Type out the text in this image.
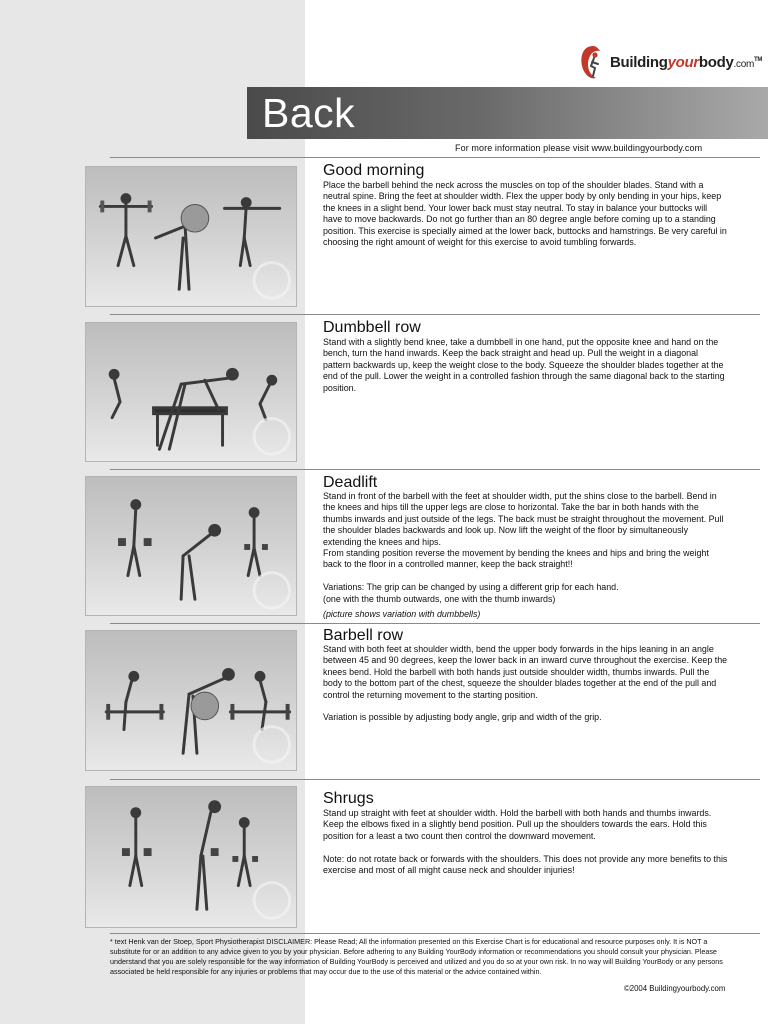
Buildingyourbody.com™
Back
For more information please visit www.buildingyourbody.com
Good morning
Place the barbell behind the neck across the muscles on top of the shoulder blades. Stand with a neutral spine. Bring the feet at shoulder width. Flex the upper body by only bending in your hips, keep the knees in a slight bend. Your lower back must stay neutral. To stay in balance your buttocks will have to move backwards. Do not go further than an 80 degree angle before coming up to a standing position. This exercise is specially aimed at the lower back, buttocks and hamstrings. Be very careful in choosing the right amount of weight for this exercise to avoid tumbling forwards.
Dumbbell row
Stand with a slightly bend knee, take a dumbbell in one hand, put the opposite knee and hand on the bench, turn the hand inwards. Keep the back straight and head up. Pull the weight in a diagonal pattern backwards up, keep the weight close to the body. Squeeze the shoulder blades together at the end of the pull. Lower the weight in a controlled fashion through the same diagonal back to the starting position.
Deadlift
Stand in front of the barbell with the feet at shoulder width, put the shins close to the barbell. Bend in the knees and hips till the upper legs are close to horizontal. Take the bar in both hands with the thumbs inwards and just outside of the legs. The back must be straight throughout the movement. Pull the shoulder blades backwards and look up. Now lift the weight of the floor by simultaneously extending the knees and hips.
From standing position reverse the movement by bending the knees and hips and bring the weight back to the floor in a controlled manner, keep the back straight!!

Variations: The grip can be changed by using a different grip for each hand.
(one with the thumb outwards, one with the thumb inwards)
(picture shows variation with dumbbells)
Barbell row
Stand with both feet at shoulder width, bend the upper body forwards in the hips leaning in an angle between 45 and 90 degrees, keep the lower back in an inward curve throughout the exercise. Keep the knees bend. Hold the barbell with both hands just outside shoulder width, thumbs inwards. Pull the body to the bottom part of the chest, squeeze the shoulder blades together at the end of the pull and control the returning movement to the starting position.

Variation is possible by adjusting body angle, grip and width of the grip.
Shrugs
Stand up straight with feet at shoulder width. Hold the barbell with both hands and thumbs inwards. Keep the elbows fixed in a slightly bend position. Pull up the shoulders towards the ears. Hold this position for a least a two count then control the downward movement.

Note: do not rotate back or forwards with the shoulders. This does not provide any more benefits to this exercise and most of all might cause neck and shoulder injuries!
* text Henk van der Stoep, Sport Physiotherapist DISCLAIMER: Please Read; All the information presented on this Exercise Chart is for educational and resource purposes only. It is NOT a substitute for or an addition to any advice given to you by your physician. Before adhering to any Building YourBody information or recommendations you should consult your physician. Please understand that you are solely responsible for the way information of Building YourBody is perceived and utilized and you do so at your own risk. In no way will Building YourBody or any persons associated be held responsible for any injuries or problems that may occur due to the use of this material or the advice contained within.
©2004 Buildingyourbody.com
